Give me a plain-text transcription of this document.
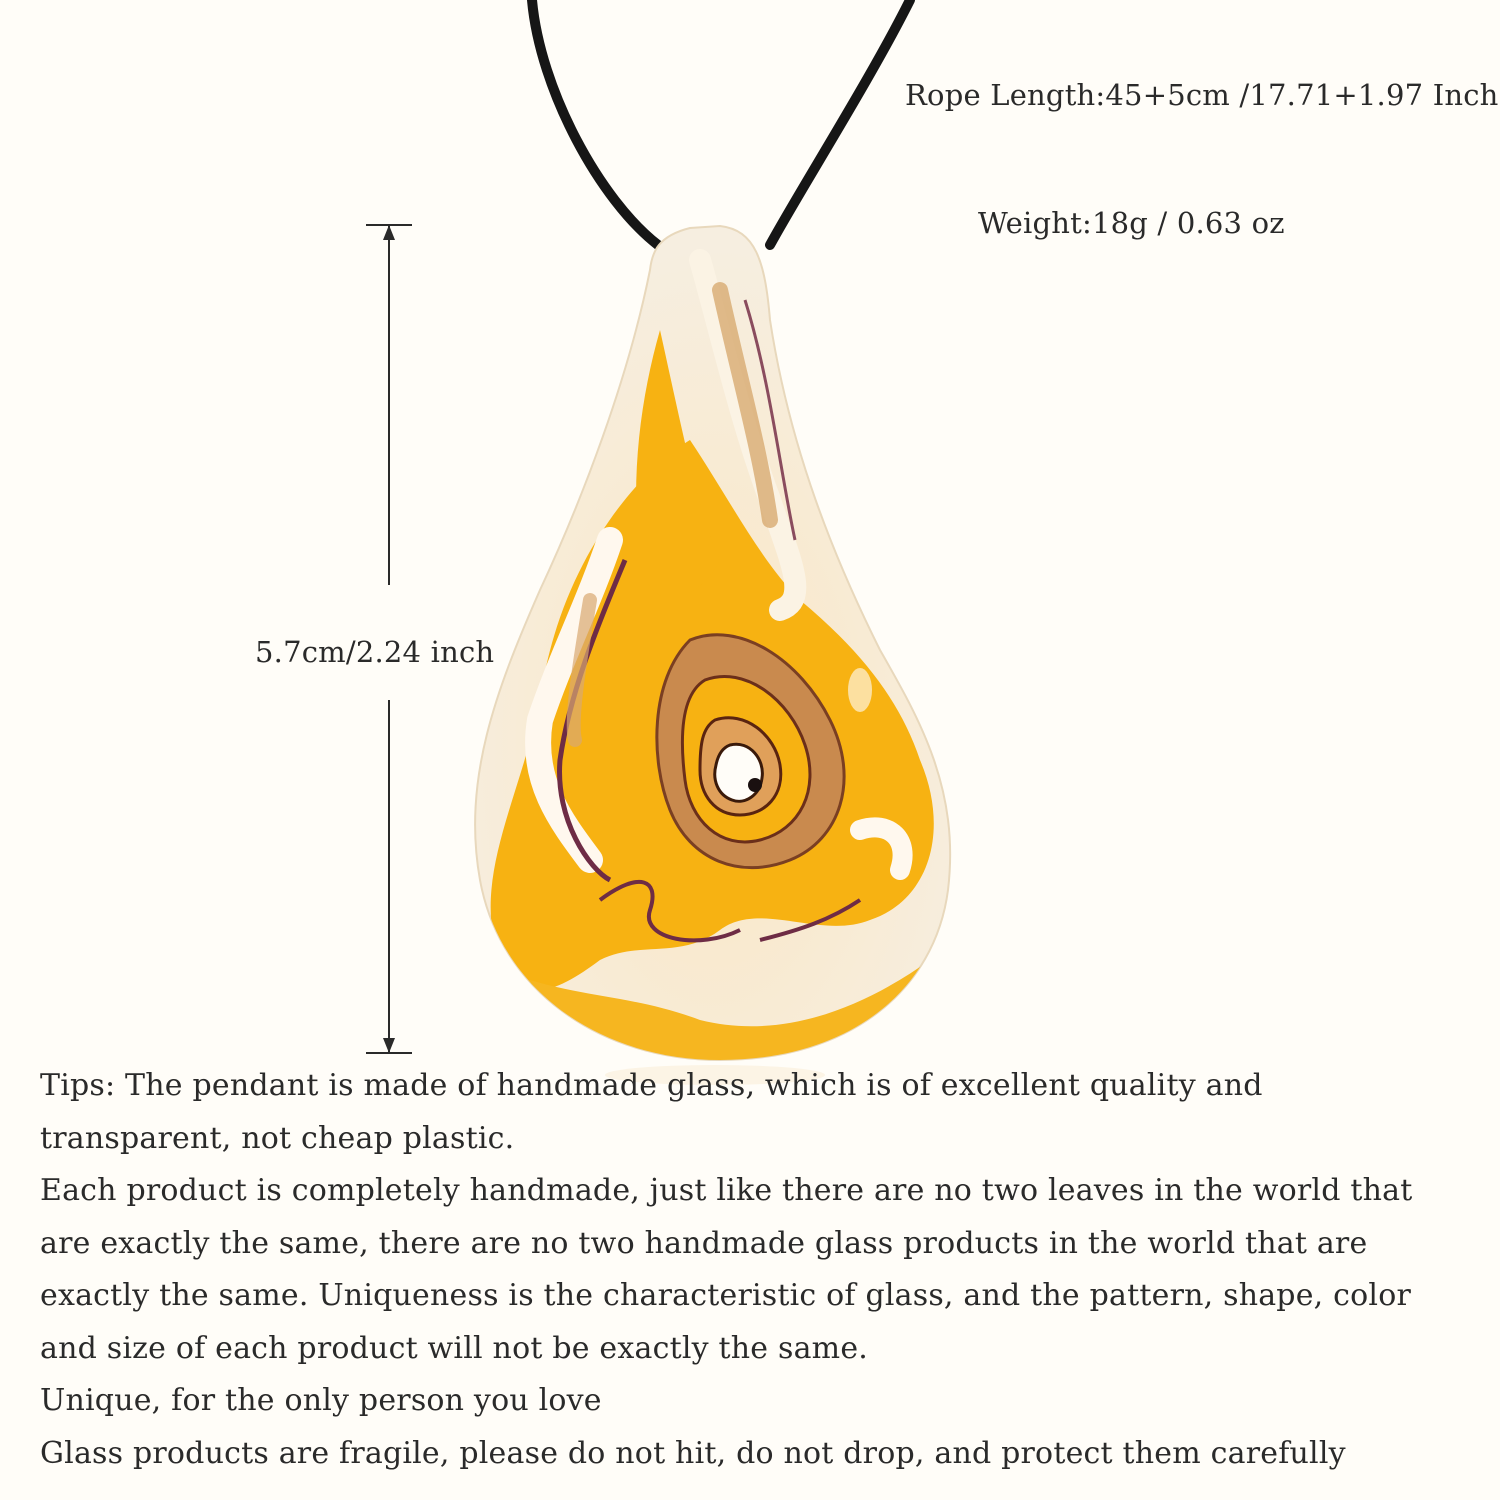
Rope Length:45+5cm /17.71+1.97 Inch
Weight:18g / 0.63 oz
5.7cm/2.24 inch

Tips: The pendant is made of handmade glass, which is of excellent quality and transparent, not cheap plastic.

Each product is completely handmade, just like there are no two leaves in the world that are exactly the same, there are no two handmade glass products in the world that are exactly the same. Uniqueness is the characteristic of glass, and the pattern, shape, color and size of each product will not be exactly the same.

Unique, for the only person you love

Glass products are fragile, please do not hit, do not drop, and protect them carefully
